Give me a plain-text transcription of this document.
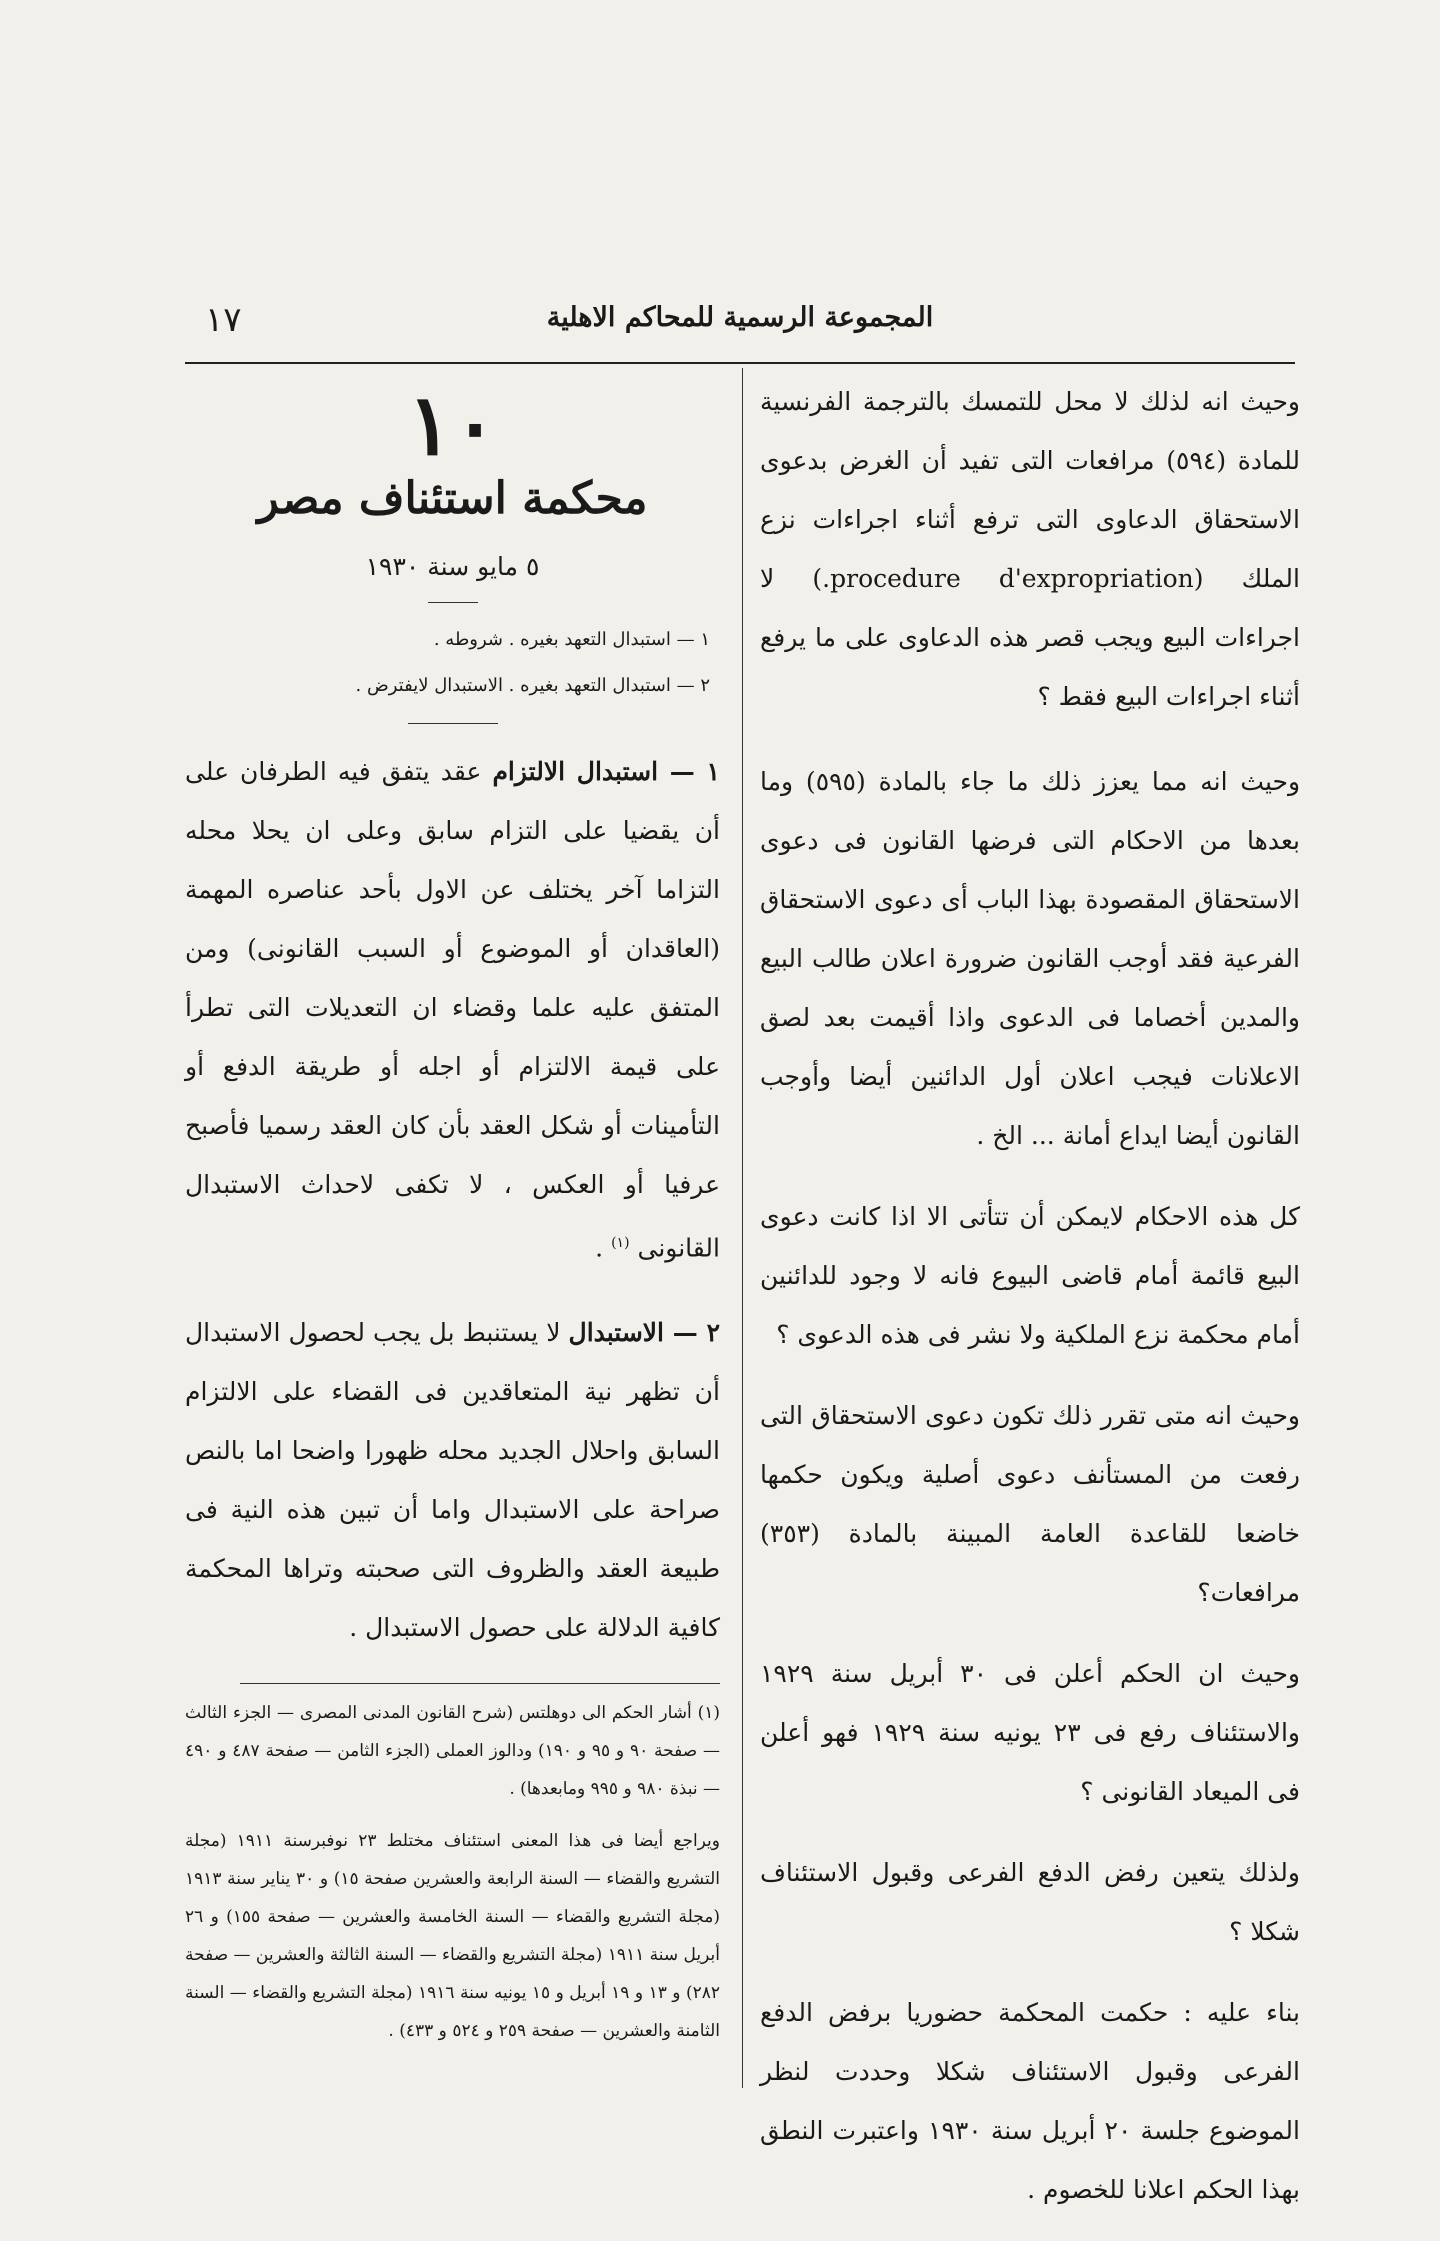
١٧	المجموعة الرسمية للمحاكم الاهلية

وحيث انه لذلك لا محل للتمسك بالترجمة الفرنسية للمادة (٥٩٤) مرافعات التى تفيد أن الغرض بدعوى الاستحقاق الدعاوى التى ترفع أثناء اجراءات نزع الملك (procedure d'expropriation.) لا اجراءات البيع ويجب قصر هذه الدعاوى على ما يرفع أثناء اجراءات البيع فقط ؟

وحيث انه مما يعزز ذلك ما جاء بالمادة (٥٩٥) وما بعدها من الاحكام التى فرضها القانون فى دعوى الاستحقاق المقصودة بهذا الباب أى دعوى الاستحقاق الفرعية فقد أوجب القانون ضرورة اعلان طالب البيع والمدين أخصاما فى الدعوى واذا أقيمت بعد لصق الاعلانات فيجب اعلان أول الدائنين أيضا وأوجب القانون أيضا ايداع أمانة ... الخ .

كل هذه الاحكام لايمكن أن تتأتى الا اذا كانت دعوى البيع قائمة أمام قاضى البيوع فانه لا وجود للدائنين أمام محكمة نزع الملكية ولا نشر فى هذه الدعوى ؟

وحيث انه متى تقرر ذلك تكون دعوى الاستحقاق التى رفعت من المستأنف دعوى أصلية ويكون حكمها خاضعا للقاعدة العامة المبينة بالمادة (٣٥٣) مرافعات؟

وحيث ان الحكم أعلن فى ٣٠ أبريل سنة ١٩٢٩ والاستئناف رفع فى ٢٣ يونيه سنة ١٩٢٩ فهو أعلن فى الميعاد القانونى ؟

ولذلك يتعين رفض الدفع الفرعى وقبول الاستئناف شكلا ؟

بناء عليه : حكمت المحكمة حضوريا برفض الدفع الفرعى وقبول الاستئناف شكلا وحددت لنظر الموضوع جلسة ٢٠ أبريل سنة ١٩٣٠ واعتبرت النطق بهذا الحكم اعلانا للخصوم .

١٠
محكمة استئناف مصر
٥ مايو سنة ١٩٣٠
١ — استبدال التعهد بغيره . شروطه .
٢ — استبدال التعهد بغيره . الاستبدال لايفترض .

١ — استبدال الالتزام عقد يتفق فيه الطرفان على أن يقضيا على التزام سابق وعلى ان يحلا محله التزاما آخر يختلف عن الاول بأحد عناصره المهمة (العاقدان أو الموضوع أو السبب القانونى) ومن المتفق عليه علما وقضاء ان التعديلات التى تطرأ على قيمة الالتزام أو اجله أو طريقة الدفع أو التأمينات أو شكل العقد بأن كان العقد رسميا فأصبح عرفيا أو العكس ، لا تكفى لاحداث الاستبدال القانونى $^{(١)}$ .

٢ — الاستبدال لا يستنبط بل يجب لحصول الاستبدال أن تظهر نية المتعاقدين فى القضاء على الالتزام السابق واحلال الجديد محله ظهورا واضحا اما بالنص صراحة على الاستبدال واما أن تبين هذه النية فى طبيعة العقد والظروف التى صحبته وتراها المحكمة كافية الدلالة على حصول الاستبدال .

(١) أشار الحكم الى دوهلتس (شرح القانون المدنى المصرى — الجزء الثالث — صفحة ٩٠ و ٩٥ و ١٩٠) ودالوز العملى (الجزء الثامن — صفحة ٤٨٧ و ٤٩٠ — نبذة ٩٨٠ و ٩٩٥ ومابعدها) .

ويراجع أيضا فى هذا المعنى استئناف مختلط ٢٣ نوفبرسنة ١٩١١ (مجلة التشريع والقضاء — السنة الرابعة والعشرين صفحة ١٥) و ٣٠ يناير سنة ١٩١٣ (مجلة التشريع والقضاء — السنة الخامسة والعشرين — صفحة ١٥٥) و ٢٦ أبريل سنة ١٩١١ (مجلة التشريع والقضاء — السنة الثالثة والعشرين — صفحة ٢٨٢) و ١٣ و ١٩ أبريل و ١٥ يونيه سنة ١٩١٦ (مجلة التشريع والقضاء — السنة الثامنة والعشرين — صفحة ٢٥٩ و ٥٢٤ و ٤٣٣) .
